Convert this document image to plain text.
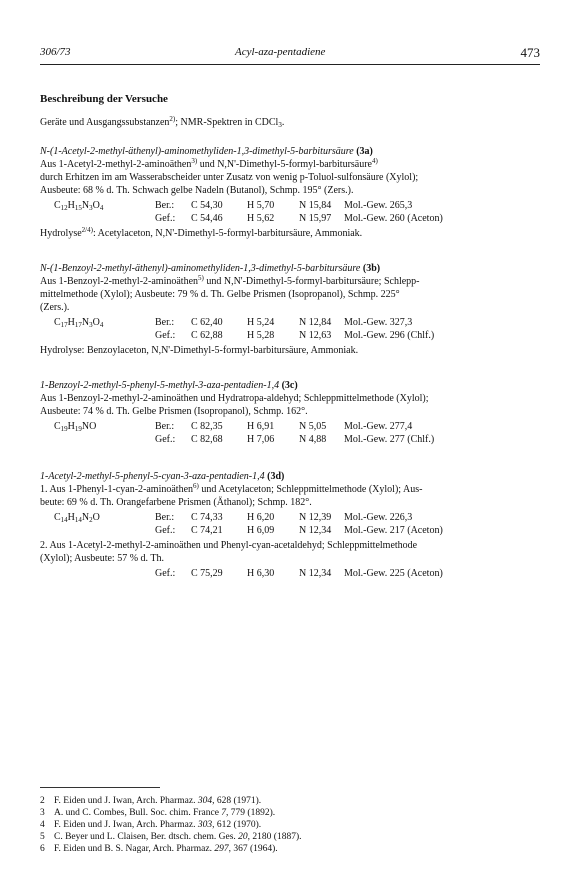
306/73	Acyl-aza-pentadiene	473
Beschreibung der Versuche

Geräte und Ausgangssubstanzen$^{2)}$; NMR-Spektren in CDCl$_3$.

N-(1-Acetyl-2-methyl-äthenyl)-aminomethyliden-1,3-dimethyl-5-barbitursäure (3a)

Aus 1-Acetyl-2-methyl-2-aminoäthen$^{3)}$ und N,N'-Dimethyl-5-formyl-barbitursäure$^{4)}$

durch Erhitzen im am Wasserabscheider unter Zusatz von wenig p-Toluol-sulfonsäure (Xylol);

Ausbeute: 68 % d. Th. Schwach gelbe Nadeln (Butanol), Schmp. 195° (Zers.).

$C_{12}H_{15}N_3O_4$	Ber.: C 54,30 H 5,70 N 15,84 Mol.-Gew. 265,3
Gef.: C 54,46 H 5,62 N 15,97 Mol.-Gew. 260 (Aceton)

Hydrolyse$^{2/4)}$: Acetylaceton, N,N'-Dimethyl-5-formyl-barbitursäure, Ammoniak.

N-(1-Benzoyl-2-methyl-äthenyl)-aminomethyliden-1,3-dimethyl-5-barbitursäure (3b)

Aus 1-Benzoyl-2-methyl-2-aminoäthen$^{5)}$ und N,N'-Dimethyl-5-formyl-barbitursäure; Schlepp-

mittelmethode (Xylol); Ausbeute: 79 % d. Th. Gelbe Prismen (Isopropanol), Schmp. 225°

(Zers.).

$C_{17}H_{17}N_3O_4$	Ber.: C 62,40 H 5,24 N 12,84 Mol.-Gew. 327,3
Gef.: C 62,88 H 5,28 N 12,63 Mol.-Gew. 296 (Chlf.)

Hydrolyse: Benzoylaceton, N,N'-Dimethyl-5-formyl-barbitursäure, Ammoniak.

1-Benzoyl-2-methyl-5-phenyl-5-methyl-3-aza-pentadien-1,4 (3c)

Aus 1-Benzoyl-2-methyl-2-aminoäthen und Hydratropa-aldehyd; Schleppmittelmethode (Xylol);

Ausbeute: 74 % d. Th. Gelbe Prismen (Isopropanol), Schmp. 162°.

$C_{19}H_{19}NO$	Ber.: C 82,35 H 6,91 N 5,05 Mol.-Gew. 277,4
Gef.: C 82,68 H 7,06 N 4,88 Mol.-Gew. 277 (Chlf.)

1-Acetyl-2-methyl-5-phenyl-5-cyan-3-aza-pentadien-1,4 (3d)

1. Aus 1-Phenyl-1-cyan-2-aminoäthen$^{6)}$ und Acetylaceton; Schleppmittelmethode (Xylol); Aus-

beute: 69 % d. Th. Orangefarbene Prismen (Äthanol); Schmp. 182°.

$C_{14}H_{14}N_2O$	Ber.: C 74,33 H 6,20 N 12,39 Mol.-Gew. 226,3
Gef.: C 74,21 H 6,09 N 12,34 Mol.-Gew. 217 (Aceton)

2. Aus 1-Acetyl-2-methyl-2-aminoäthen und Phenyl-cyan-acetaldehyd; Schleppmittelmethode

(Xylol); Ausbeute: 57 % d. Th.

Gef.: C 75,29 H 6,30 N 12,34 Mol.-Gew. 225 (Aceton)
2 F. Eiden und J. Iwan, Arch. Pharmaz. 304, 628 (1971).
3 A. und C. Combes, Bull. Soc. chim. France 7, 779 (1892).
4 F. Eiden und J. Iwan, Arch. Pharmaz. 303, 612 (1970).
5 C. Beyer und L. Claisen, Ber. dtsch. chem. Ges. 20, 2180 (1887).
6 F. Eiden und B. S. Nagar, Arch. Pharmaz. 297, 367 (1964).
